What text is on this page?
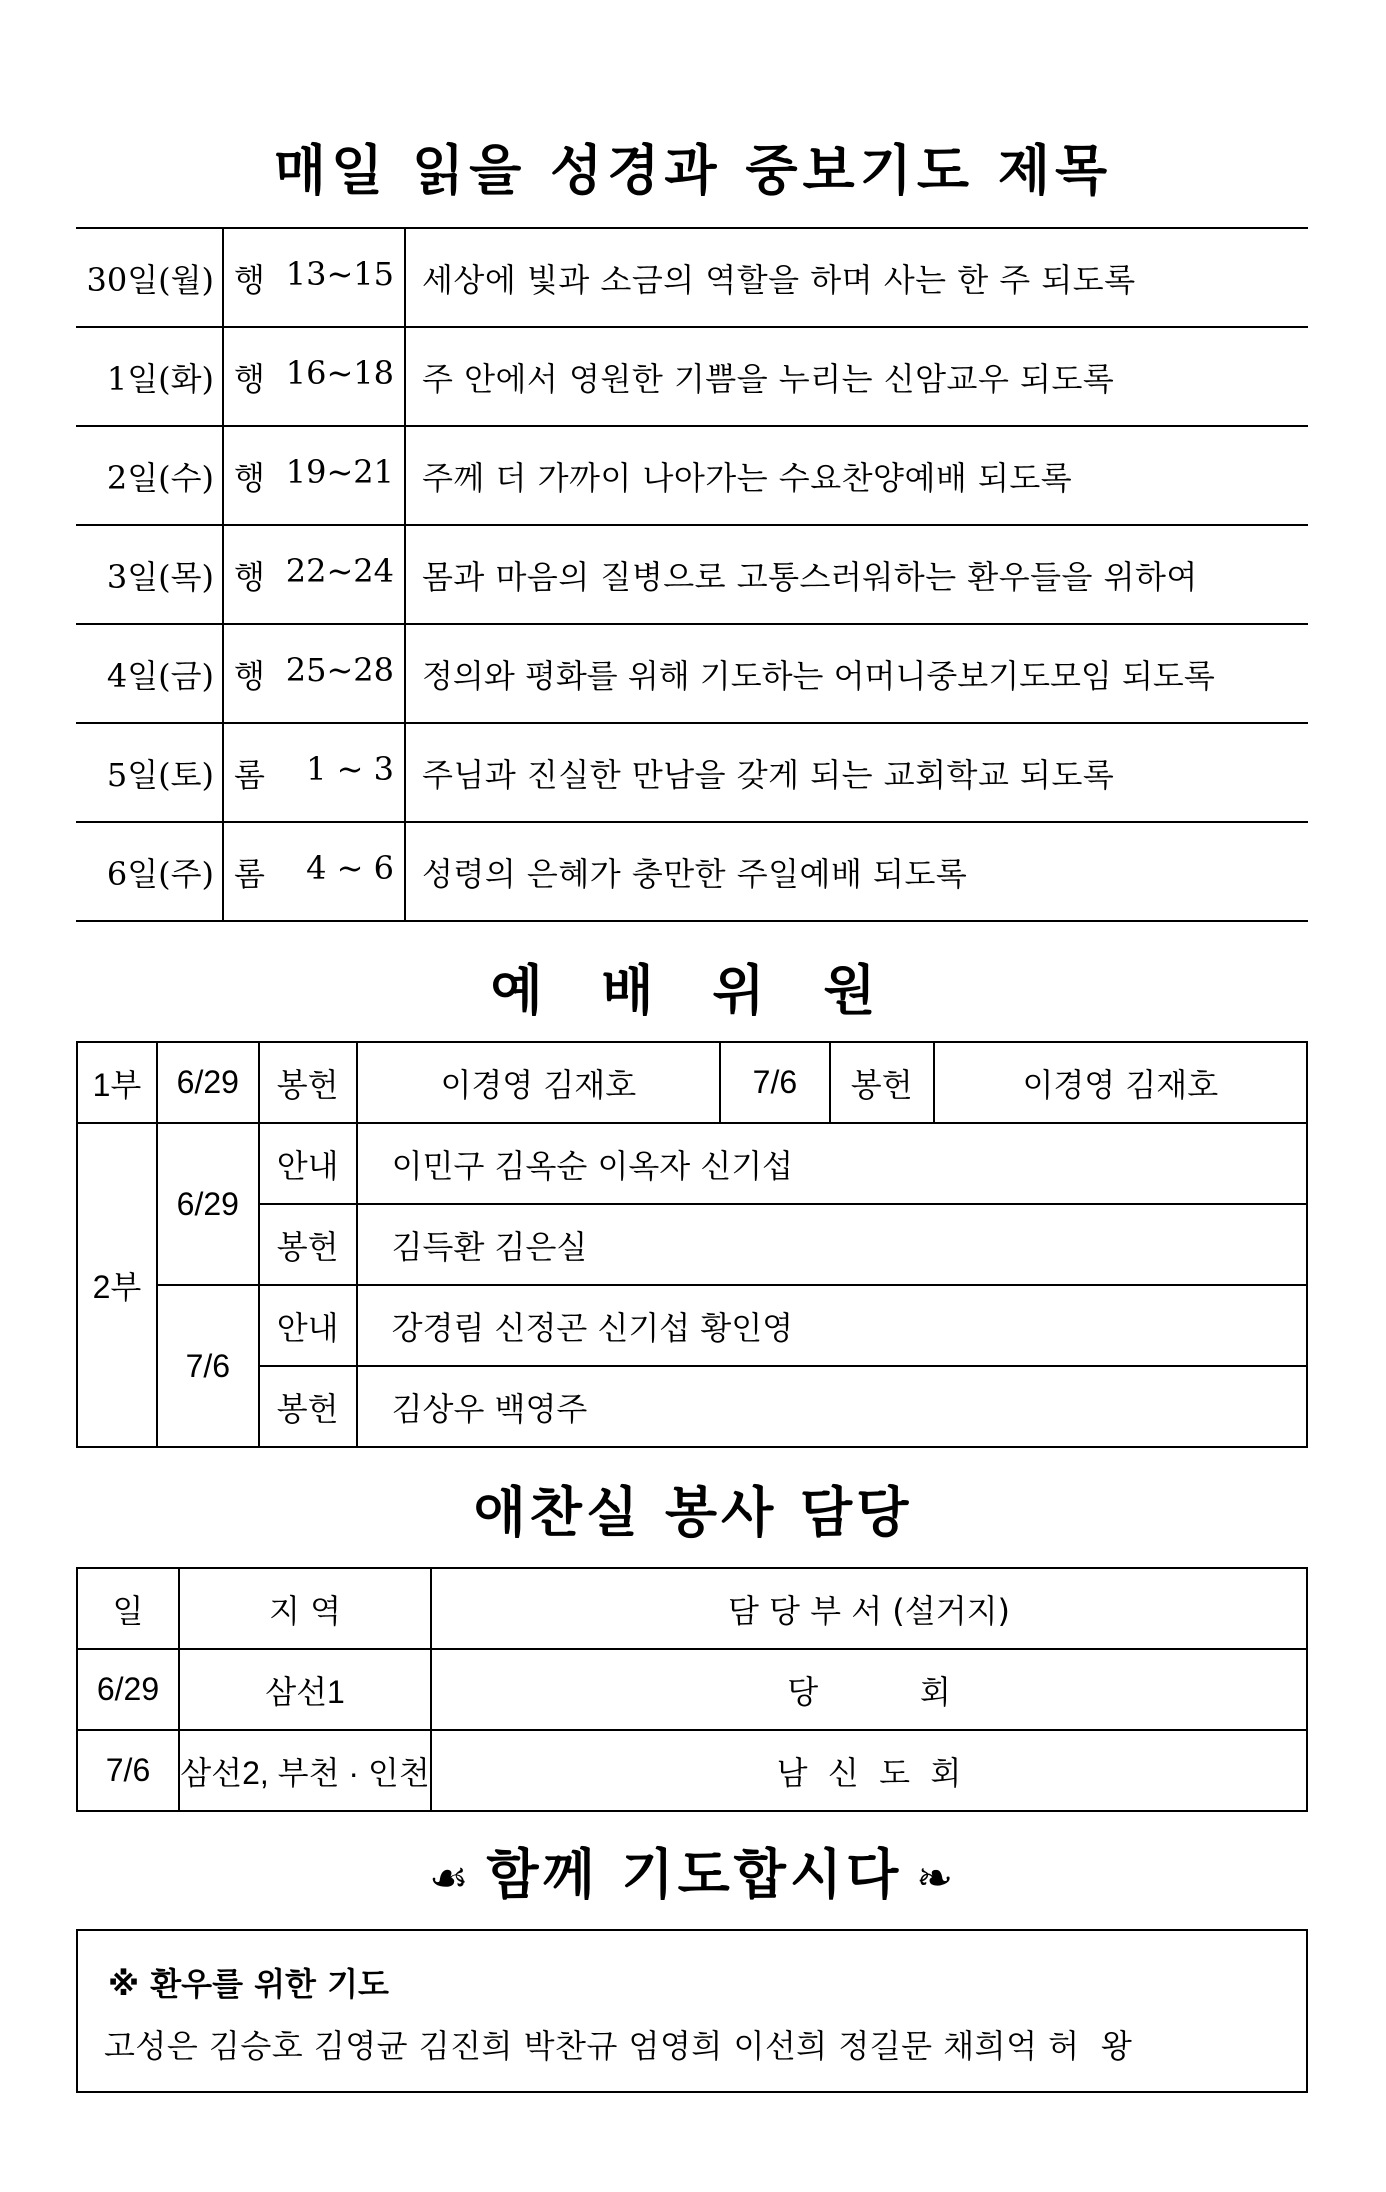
매일 읽을 성경과 중보기도 제목
30일(월)	행 13~15	세상에 빛과 소금의 역할을 하며 사는 한 주 되도록
1일(화)	행 16~18	주 안에서 영원한 기쁨을 누리는 신암교우 되도록
2일(수)	행 19~21	주께 더 가까이 나아가는 수요찬양예배 되도록
3일(목)	행 22~24	몸과 마음의 질병으로 고통스러워하는 환우들을 위하여
4일(금)	행 25~28	정의와 평화를 위해 기도하는 어머니중보기도모임 되도록
5일(토)	롬 1 ~ 3	주님과 진실한 만남을 갖게 되는 교회학교 되도록
6일(주)	롬 4 ~ 6	성령의 은혜가 충만한 주일예배 되도록
예 배 위 원
1부	6/29	봉헌	이경영 김재호	7/6	봉헌	이경영 김재호
2부	6/29	안내	이민구 김옥순 이옥자 신기섭			
		봉헌	김득환 김은실			
	7/6	안내	강경림 신정곤 신기섭 황인영			
		봉헌	김상우 백영주			
애찬실 봉사 담당
일	지 역	담 당 부 서 (설거지)
6/29	삼선1	당          회
7/6	삼선2, 부천 · 인천	남  신  도  회
☙ 함께 기도합시다 ❧
※ 환우를 위한 기도
고성은 김승호 김영균 김진희 박찬규 엄영희 이선희 정길문 채희억 허  왕
